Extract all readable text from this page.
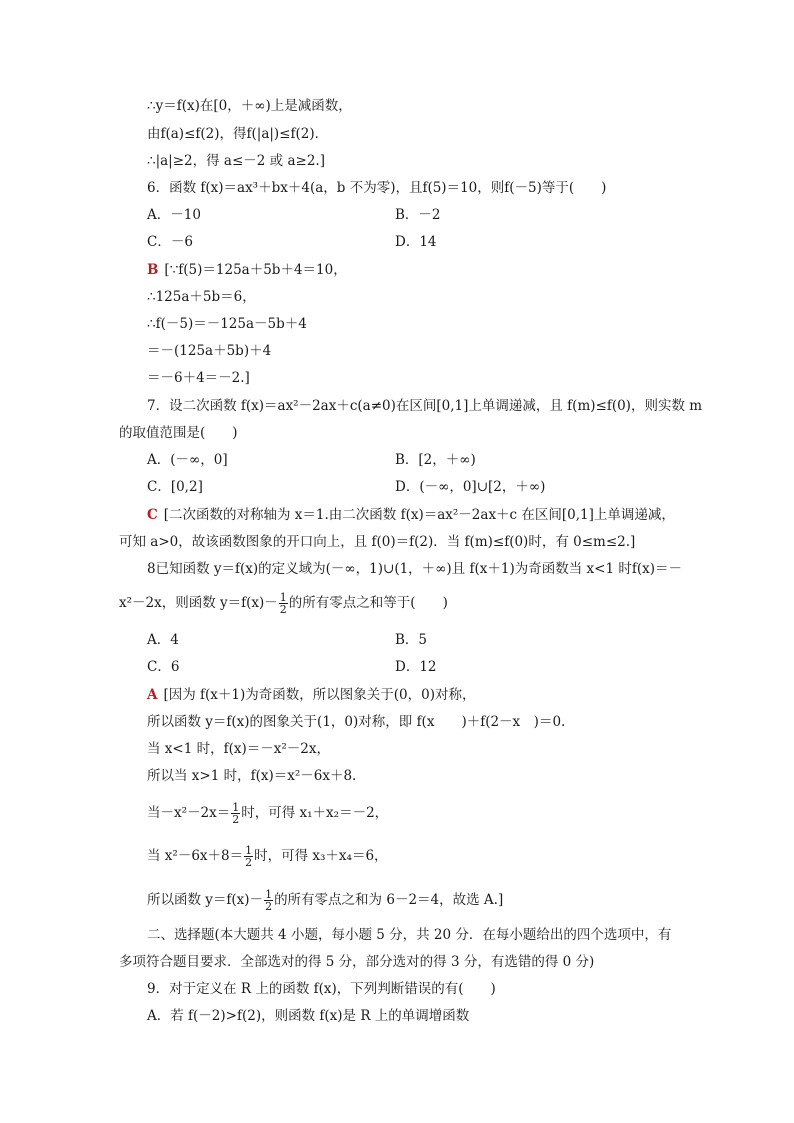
∴y＝f(x)在[0，＋∞)上是减函数，
由f(a)≤f(2)，得f(|a|)≤f(2)．
∴|a|≥2，得 a≤－2 或 a≥2.]
6．函数 f(x)＝ax³＋bx＋4(a，b 不为零)，且f(5)＝10，则f(－5)等于(　　)
A．－10	B．－2
C．－6	D．14
B [∵f(5)＝125a＋5b＋4＝10，
∴125a＋5b＝6，
∴f(－5)＝－125a－5b＋4
＝－(125a＋5b)＋4
＝－6＋4＝－2.]
7．设二次函数 f(x)＝ax²－2ax＋c(a≠0)在区间[0,1]上单调递减，且 f(m)≤f(0)，则实数 m
的取值范围是(　　)
A．(－∞，0]	B．[2，＋∞)
C．[0,2]	D．(－∞，0]∪[2，＋∞)
C [二次函数的对称轴为 x＝1.由二次函数 f(x)＝ax²－2ax＋c 在区间[0,1]上单调递减，
可知 a>0，故该函数图象的开口向上，且 f(0)＝f(2)．当 f(m)≤f(0)时，有 0≤m≤2.]
8已知函数 y＝f(x)的定义域为(－∞，1)∪(1，＋∞)且 f(x＋1)为奇函数当 x<1 时f(x)＝－
x²－2x，则函数 $y=f(x)- \frac{1}{2}$ 的所有零点之和等于(　　)
A．4	B．5
C．6	D．12
A [因为 f(x＋1)为奇函数，所以图象关于(0，0)对称，
所以函数 y＝f(x)的图象关于(1，0)对称，即 f(x　　)＋f(2－x　)＝0.
当 x<1 时，f(x)＝－x²－2x，
所以当 x>1 时，f(x)＝x²－6x＋8.
当$-x^2-2x= \frac{1}{2}$ 时，可得 x₁＋x₂＝－2，
当 $x^2-6x+8= \frac{1}{2}$ 时，可得 x₃＋x₄＝6，
所以函数 $y=f(x)- \frac{1}{2}$ 的所有零点之和为 6－2＝4，故选 A.]
二、选择题(本大题共 4 小题，每小题 5 分，共 20 分．在每小题给出的四个选项中，有
多项符合题目要求．全部选对的得 5 分，部分选对的得 3 分，有选错的得 0 分)
9．对于定义在 R 上的函数 f(x)，下列判断错误的有(　　)
A．若 f(－2)>f(2)，则函数 f(x)是 R 上的单调增函数
